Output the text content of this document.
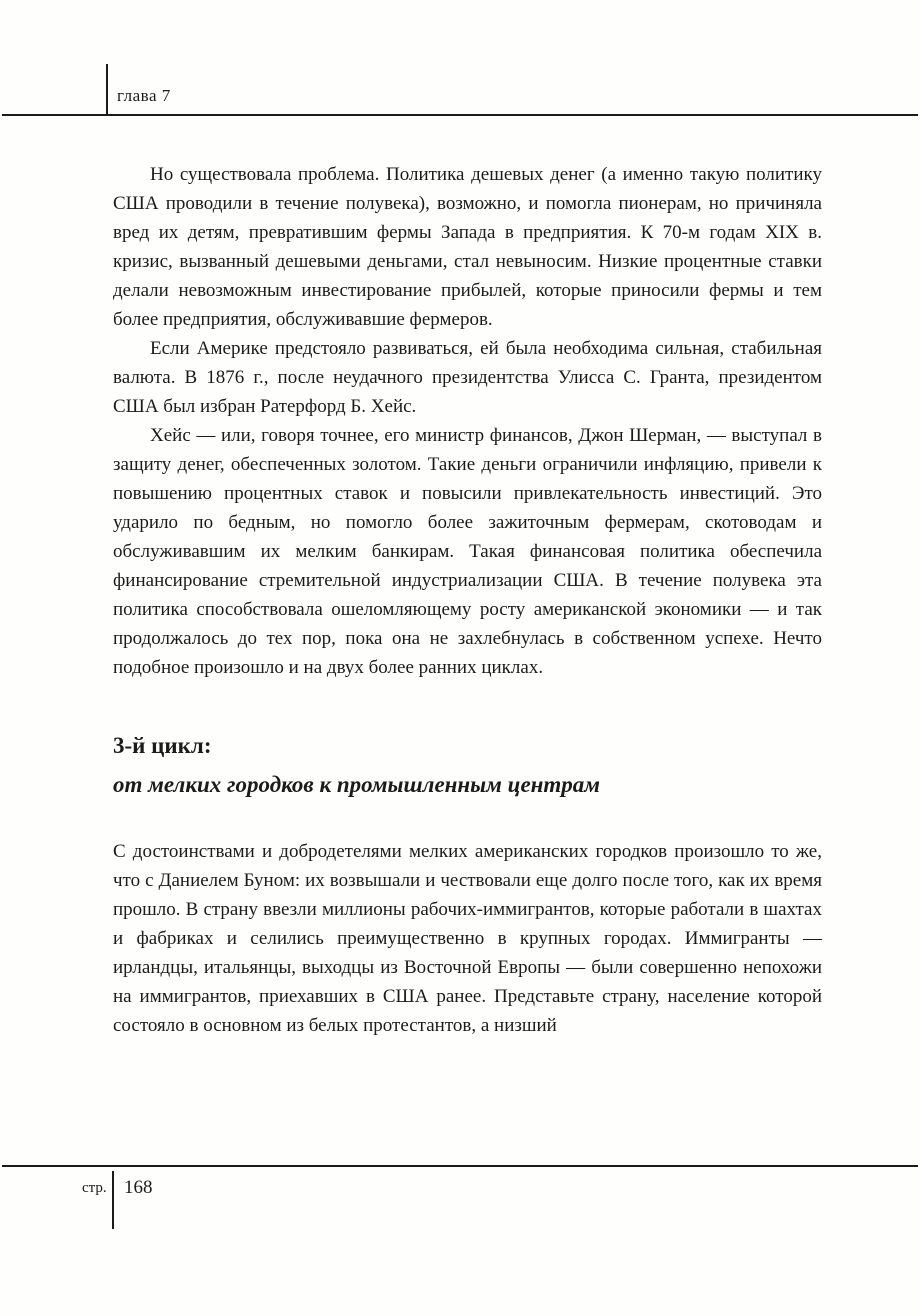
глава 7

Но существовала проблема. Политика дешевых денег (а именно такую политику США проводили в течение полувека), возможно, и помогла пионерам, но причиняла вред их детям, превратившим фермы Запада в предприятия. К 70-м годам XIX в. кризис, вызванный дешевыми деньгами, стал невыносим. Низкие процентные ставки делали невозможным инвестирование прибылей, которые приносили фермы и тем более предприятия, обслуживавшие фермеров.

Если Америке предстояло развиваться, ей была необходима сильная, стабильная валюта. В 1876 г., после неудачного президентства Улисса С. Гранта, президентом США был избран Ратерфорд Б. Хейс.

Хейс — или, говоря точнее, его министр финансов, Джон Шерман, — выступал в защиту денег, обеспеченных золотом. Такие деньги ограничили инфляцию, привели к повышению процентных ставок и повысили привлекательность инвестиций. Это ударило по бедным, но помогло более зажиточным фермерам, скотоводам и обслуживавшим их мелким банкирам. Такая финансовая политика обеспечила финансирование стремительной индустриализации США. В течение полувека эта политика способствовала ошеломляющему росту американской экономики — и так продолжалось до тех пор, пока она не захлебнулась в собственном успехе. Нечто подобное произошло и на двух более ранних циклах.

3-й цикл:
от мелких городков к промышленным центрам

С достоинствами и добродетелями мелких американских городков произошло то же, что с Даниелем Буном: их возвышали и чествовали еще долго после того, как их время прошло. В страну ввезли миллионы рабочих-иммигрантов, которые работали в шахтах и фабриках и селились преимущественно в крупных городах. Иммигранты — ирландцы, итальянцы, выходцы из Восточной Европы — были совершенно непохожи на иммигрантов, приехавших в США ранее. Представьте страну, население которой состояло в основном из белых протестантов, а низший

стр. 168
